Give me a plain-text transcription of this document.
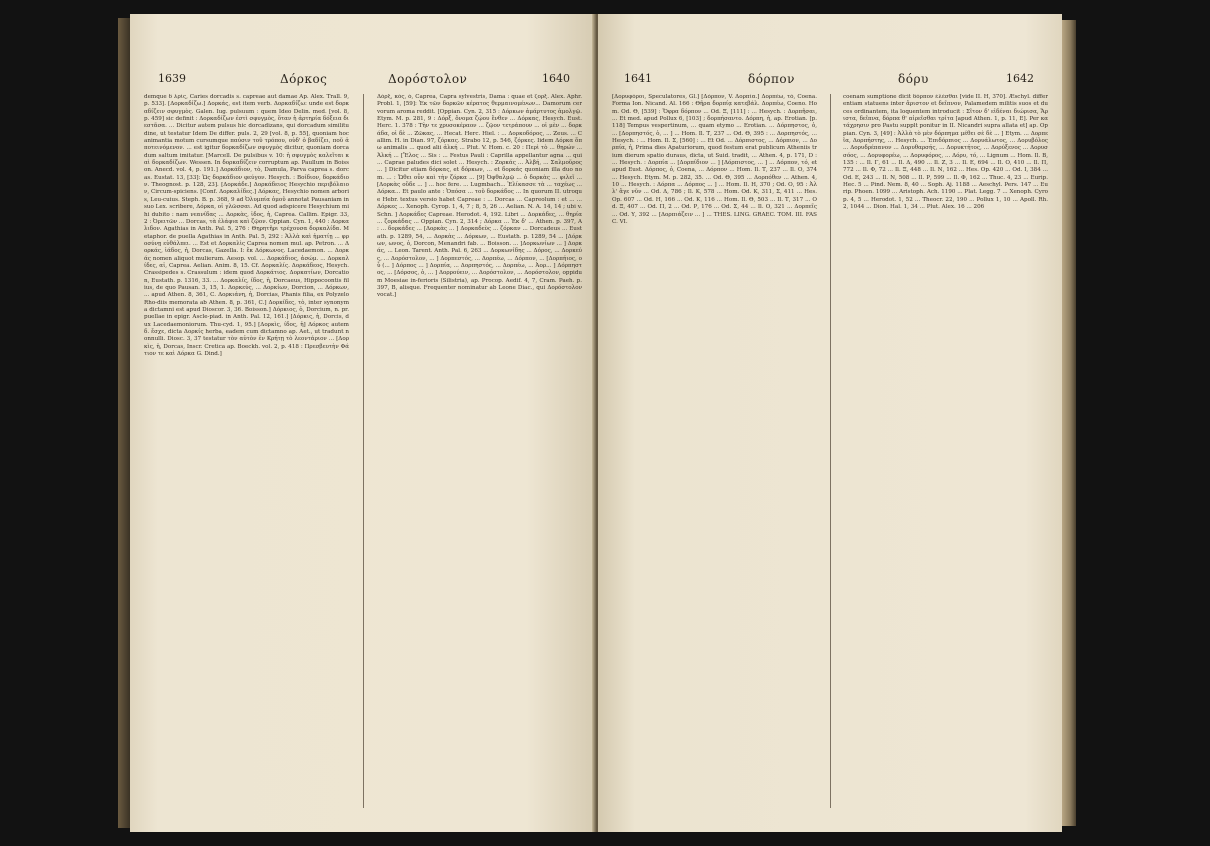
1639	Δόρκος	Δορόστολον	1640
demque δ λρίς, Caries dorcadis s. capreae aut damae Ap. Alex. Trall. 9, p. 533]. [Δορκαδίζω.] Δορκάς, est item verb. Δορκαδίζω: unde est δορκαδίζειν σφυγμὸς. Galen. Iug. pulsuum : quem Ideo Delin. med. [vol. 8, p. 459] sic definit : Δορκαδίζων ἐστὶ σφυγμὸς, ὅταν ἡ ἀρτηρία δόξεια διεστᾶσα. ... Dicitur autem pulsus hic dorcadizans, qui dorcadum similitudine, ut testatur Idem De differ. puls. 2, 29 [vol. 8, p. 55], quoniam hoc animantia motum cursumque παύσιν τοῦ τρόπου, οὐδ' ὁ βαδίζει, ποῦ ἀποτεινόμενον. ... est igitur δορκαδίζων σφυγμὸς dicitur, quoniam dorcadum saltum imitatur. [Marcell. De pulsibus v. 10: ἡ σφυγμὸς καλεῖται καὶ δορκαδίζων. Wessen. In δορκαδίζειν corruptum ap. Paullum in Boisson. Anecd. vol. 4, p. 191.] Δορκάδιον, τὸ, Damula, Parva caprea s. dorcas. Eustat. 13, [33]: Ὡς δορκάδιον φεύγον. Hesych. : Βοίδιον, δορκάδιον. Theognost. p. 128, 23]. [Δορκάδε.] Δορκάδειος Hesychio περιβόλαιον, Circum-spiciens. [Conf. Δορκαλίδες.] Δόρκας, Hesychio nomen arboris, Leu-cuius. Steph. B. p. 368, 9 ad Ὀλυμπία ὁμοῦ annotat Pausaniam in suo Lex. scribere, Δόρκα, οἱ γλῶσσαι. Ad quod adspicere Hesychium mihi dubito : nam νεανίδας ... Δορκὰς, ἰδος, ἡ, Caprea. Callim. Epigr. 33, 2 : Ὀρειτῶν ... Dorcas, τὰ ἐλάφια καὶ ζῷον. Oppian. Cyn. 1, 440 : Δορκαλιδον. Agathias in Anth. Pal. 5, 276 : Θηρητῆρι τρέχουσα δορκαλίδα. Metaphor. de puella Agathias in Anth. Pal. 5, 292 : Ἀλλὰ καὶ ἠματίῃ ... φροσύνῃ εὐθάλπει. ... Est et Δορκαλὶς Caprea nomen mul. ap. Petron. ... Δορκάς, ἰάδος, ἡ, Dorcas, Gazella. Ι: ἔκ Δόρκωνος. Lacedaemon. ... Δορκάς nomen aliquot mulierum. Aesop. vol. ... Δορκάδιος, ἀσώμ. ... Δορκαλίδες, αἱ, Caprea. Aelian. Anim. 8, 15. Cf. Δορκαλίς. Δορκάδεος, Hesych. Crassipedes s. Crassulum : idem quod Δορκάτιος. Δορκατίων, Dorcation, Eustath. p. 1316, 33. ... Δορκαλίς, ίδος, ἡ, Dorcaeus, Hippocoontis filius, de quo Pausan. 3, 15, 1. Δορκεύς, ... Δορκίων, Dorcion, ... Δόρκων, ... apud Athen. 8, 361, C. Δορκιάνη, ἡ, Dorcias, Phanis filia, ex Polyzelo Rho-diis memorata ab Athen. 8, p. 361, C.] Δορκίδες, τὸ, inter synonyma dictamni est apud Dioscor. 3, 36. Boisson.] Δόρκιος, ὁ, Dorcium, n. pr. puellae in epigr. Ascle-piad. in Anth. Pal. 12, 161.] [Δόρκις, ἡ, Dorcis, dux Lacedaemoniorum. Thu-cyd. 1, 95.] [Δορκὶς, ίδος, ἡ] Δόρκος autem δ. ἔσχε, dicta Δορκίς herba, eadem cum dictamno ap. Aet., ut tradunt nonnulli. Diosc. 3, 37 testatur τὸν αὐτὸν ἐν Κρήτῃ τὸ λεοντάριον ... [Δορκὶς, ἡ, Dorcas, Inscr. Cretica ap. Boeckh. vol. 2, p. 418 : Πρεσβευτὴν Φάτιον τε καὶ Δόρκα G. Dind.]
Δόρξ, κός, ὁ, Caprea, Capra sylvestris, Dama : quae et ζορξ. Alex. Aphr. Probl. 1, [59]: Ἐκ τῶν δορκῶν κέρατος θερμαινομένων... Damorum cervorum aroma reddit. [Oppian. Cyn. 2, 315 : Δόρκων ἀμάρτυτος ἀμολγῷ. Etym. M. p. 281, 9 : Δόρξ, ὄνομα ζῴου ἔνθεν ... Δόρκας, Hesych. Eust. Herc. 1. 378 : Τὴν τε χρυσοκέραον ... ζῷον τετράπουν ... οἱ μὲν ... δορκάδα, οἱ δὲ ... Ζῶκας, ... Hecat. Herc. Hiel. : ... Δορκοδόρος, ... Zeus. ... Callim. H. in Dian. 97, ζόρκας. Strabo 12, p. 546, ζόρκες. Iidem Δόρκα ὅπω animalis ... quod alii ἀλκή ... Plut. V. Hom. c. 20 : Περὶ τὸ ... θηρών ... Ἀλκή ... [Ἔλος ... Sis : ... Festus Pauli : Caprilla appellantur agna ... qui ... Caprae paludes dici solet ... Hesych. : Ζορκάς ... Ἀλβή, ... Σαλμοῦρος ... ] Dicitur etiam δόρκας, et δόρκων, ... et δορκάς quoniam illa duo nom. ... : Ὤθει οὖν καὶ τὴν ζόρκα ... [9] Ὀφθαλμῷ ... ὁ δορκὰς ... φιλεῖ ... [Δορκὰς οὔδε ... ] ... hoc fere. ... Lugmbach... Ἐλίκασσε τὰ ... ταχέως ... Δόρκα... Et paulo ante : Ὁπόσα ... τοῦ δορκάδος ... In quorum II. utroque Hebr. textus versio habet Capreae : ... Dorcas ... Capreolum : et ... ... Δόρκες ... Xenoph. Cyrop. 1, 4, 7 ; 8, 5, 26 ... Aelian. N. A. 14, 14 ; ubi v. Schn. ] Δορκάδες Capreae. Herodot. 4, 192. Libri ... Δορκάδες, ... θηρία ... ζορκάδας ... Oppian. Cyn. 2, 314 ; Δόρκα ... Ἐκ δ' ... Athen. p. 397, A : ... δορκάδες ... [Δορκὰς ... ] Δορκαδεὺς ... ζόρκαν ... Dorcadeus ... Eustath. p. 1289, 54, ... Δορκὰς ... Δόρκων, ... Eustath. p. 1289, 54 ... [Δόρκων, ωνος, ὁ, Dorcon, Menandri fab. ... Boisson. ... ]Δορκωνίων ... ] Δορκάς, ... Leon. Tarent. Anth. Pal. 6, 263 ... Δορκωνίδης ... Δόρος, ... Δορκεύς, ... Δορόστολον, ... ] Δορπεστός, ... Δορπέω, ... Δόρπον, ... [Δορπήιος, οὗ (... ] Δόρπος ... ] Δορπία, ... Δορπηστός, ... Δορπέω, ... Ἀορ... ] Δόρπηστος, ... [Δόρσος, ὁ, ... ] Δορρούειν, ... Δορόστολον, ... Δορόστολον, oppidum Moesiae in-ferioris (Silistria), ap. Procop. Aedif. 4, 7, Cram. Paeh. p. 397, B, alisque. Frequenter nominatur ab Leone Diac., qui Δορόστολον vocat.]
1641	δόρπον	δόρυ	1642
[Δορυφόροι, Speculatores, Gl.] [Δόρπον, V. Δορπία.] Δορπέω, τό, Coena. Forma Ion. Nicand. Al. 166 : Θῆρα δορπίᾳ κατεβάλ. Δορπέω, Coeno. Hom. Od. Θ, [539] : Ὄφρα δόρπον ... Od. Ξ, [111] : ... Hesych. : Δορπῆσαι, ... Et med. apud Pollux 6, [103] ; δορπήσαντο. Δόρπη, ἡ, ap. Erotian. [p. 118] Tempus vespertinum, ... quam etymo ... Erotian. ... Δόρπηστος, ὁ, ... [Δορπηστός, ὁ, ... ] ... Hom. Il. Τ, 237 ... Od. Θ, 395 : ... Δορπηστός, ... Hesych. : ... Hom. Il. Σ, [560] : ... Et Od. ... Δόρπιστος, ... Δόρπιον, ... Δορπία, ἡ, Prima dies Apaturiorum, quod festum erat publicum Atheniis trium dierum spatio duraus, dicta, ut Suid. tradit, ... Athen. 4, p. 171, D : ... Hesych. : Δορπία ... [Δορπίδιον ... ] [Δόρπιστος, ... ] ... Δόρπον, τό, et apud Eust. Δόρπος, ὁ, Coena, ... Δόρπον ... Hom. Il. Τ, 237 ... Il. Ο, 374 ... Hesych. Etym. M. p. 282, 35. ... Od. Θ, 395 ... Δορπόθεν ... Athen. 4, 10 ... Hesych. : Δόρπα ... Δόρπος ... ] ... Hom. Il. Η, 370 ; Od. Ο, 95 : Ἀλλ' ἄγε νῦν ... Od. Δ, 786 ; Il. Κ, 578 ... Hom. Od. Κ, 311, Σ, 411 ... Hes. Op. 607 ... Od. Η, 166 ... Od. Κ, 116 ... Hom. Il. Θ, 503 ... Il. Τ, 317 ... Od. Ξ, 407 ... Od. Π, 2 ... Od. Ρ, 176 ... Od. Σ, 44 ... Il. Ο, 321 ... Δορπεῖς ... Od. Υ, 392 ... [Δορπιάζειν ... ] ... THES. LING. GRAEC. TOM. III. FASC. VI.
coenam sumptione dicit δόρπον ἐλέσθαι [vide II. H, 370]. Æschyl. differentiam statuens inter ἄριστον et δεῖπνον, Palamedem militis suos et duces ordinantem, ita loquentem introducit : Σῖτον δ' εἰδέναι διώρισα, Ἄριστα, δεῖπνα, δόρπα θ' αἱρεῖσθαι τρίτα [apud Athen. 1, p. 11, E]. Per κατάχρησιν pro Pastu supplt ponitur in II. Nicandri supra allata et] ap. Oppian. Cyn. 3, [49] : Ἀλλὰ τὸ μὲν δόρπημα μέθει σὲ δὲ ... ] Etym. ... Δορπεῖα, Δορπήστης, ... Hesych. ... Ἐπιδόρπιος ... Δορυάλωτος, ... Δορυβόλος ... Δορυδρέπανον ... Δορυθαρσής, ... Δορυκτήτος, ... Δορύξενος ... Δορυσσόος, ... Δορυφορέω, ... Δορυφόρος, ... Δόρυ, τό, ... Lignum ... Hom. Il. Β, 135 : ... Il. Γ, 61 ... Il. Δ, 490 ... Il. Ζ, 3 ... Il. Ε, 694 ... Il. Ο, 410 ... Il. Π, 772 ... Il. Φ, 72 ... Il. Ξ, 448 ... Il. Ν, 162 ... Hes. Op. 420 ... Od. Ι, 384 ... Od. Ε, 243 ... Il. Ν, 508 ... Il. Ρ, 599 ... Il. Φ, 162 ... Thuc. 4, 23 ... Eurip. Hec. 5 ... Pind. Nem. 8, 40 ... Soph. Aj. 1188 ... Aeschyl. Pers. 147 ... Eurip. Phoen. 1099 ... Aristoph. Ach. 1190 ... Plat. Legg. 7 ... Xenoph. Cyrop. 4, 5 ... Herodot. 1, 52 ... Theocr. 22, 190 ... Pollux 1, 10 ... Apoll. Rh. 2, 1044 ... Dion. Hal. 1, 34 ... Plut. Alex. 16 ... 206
